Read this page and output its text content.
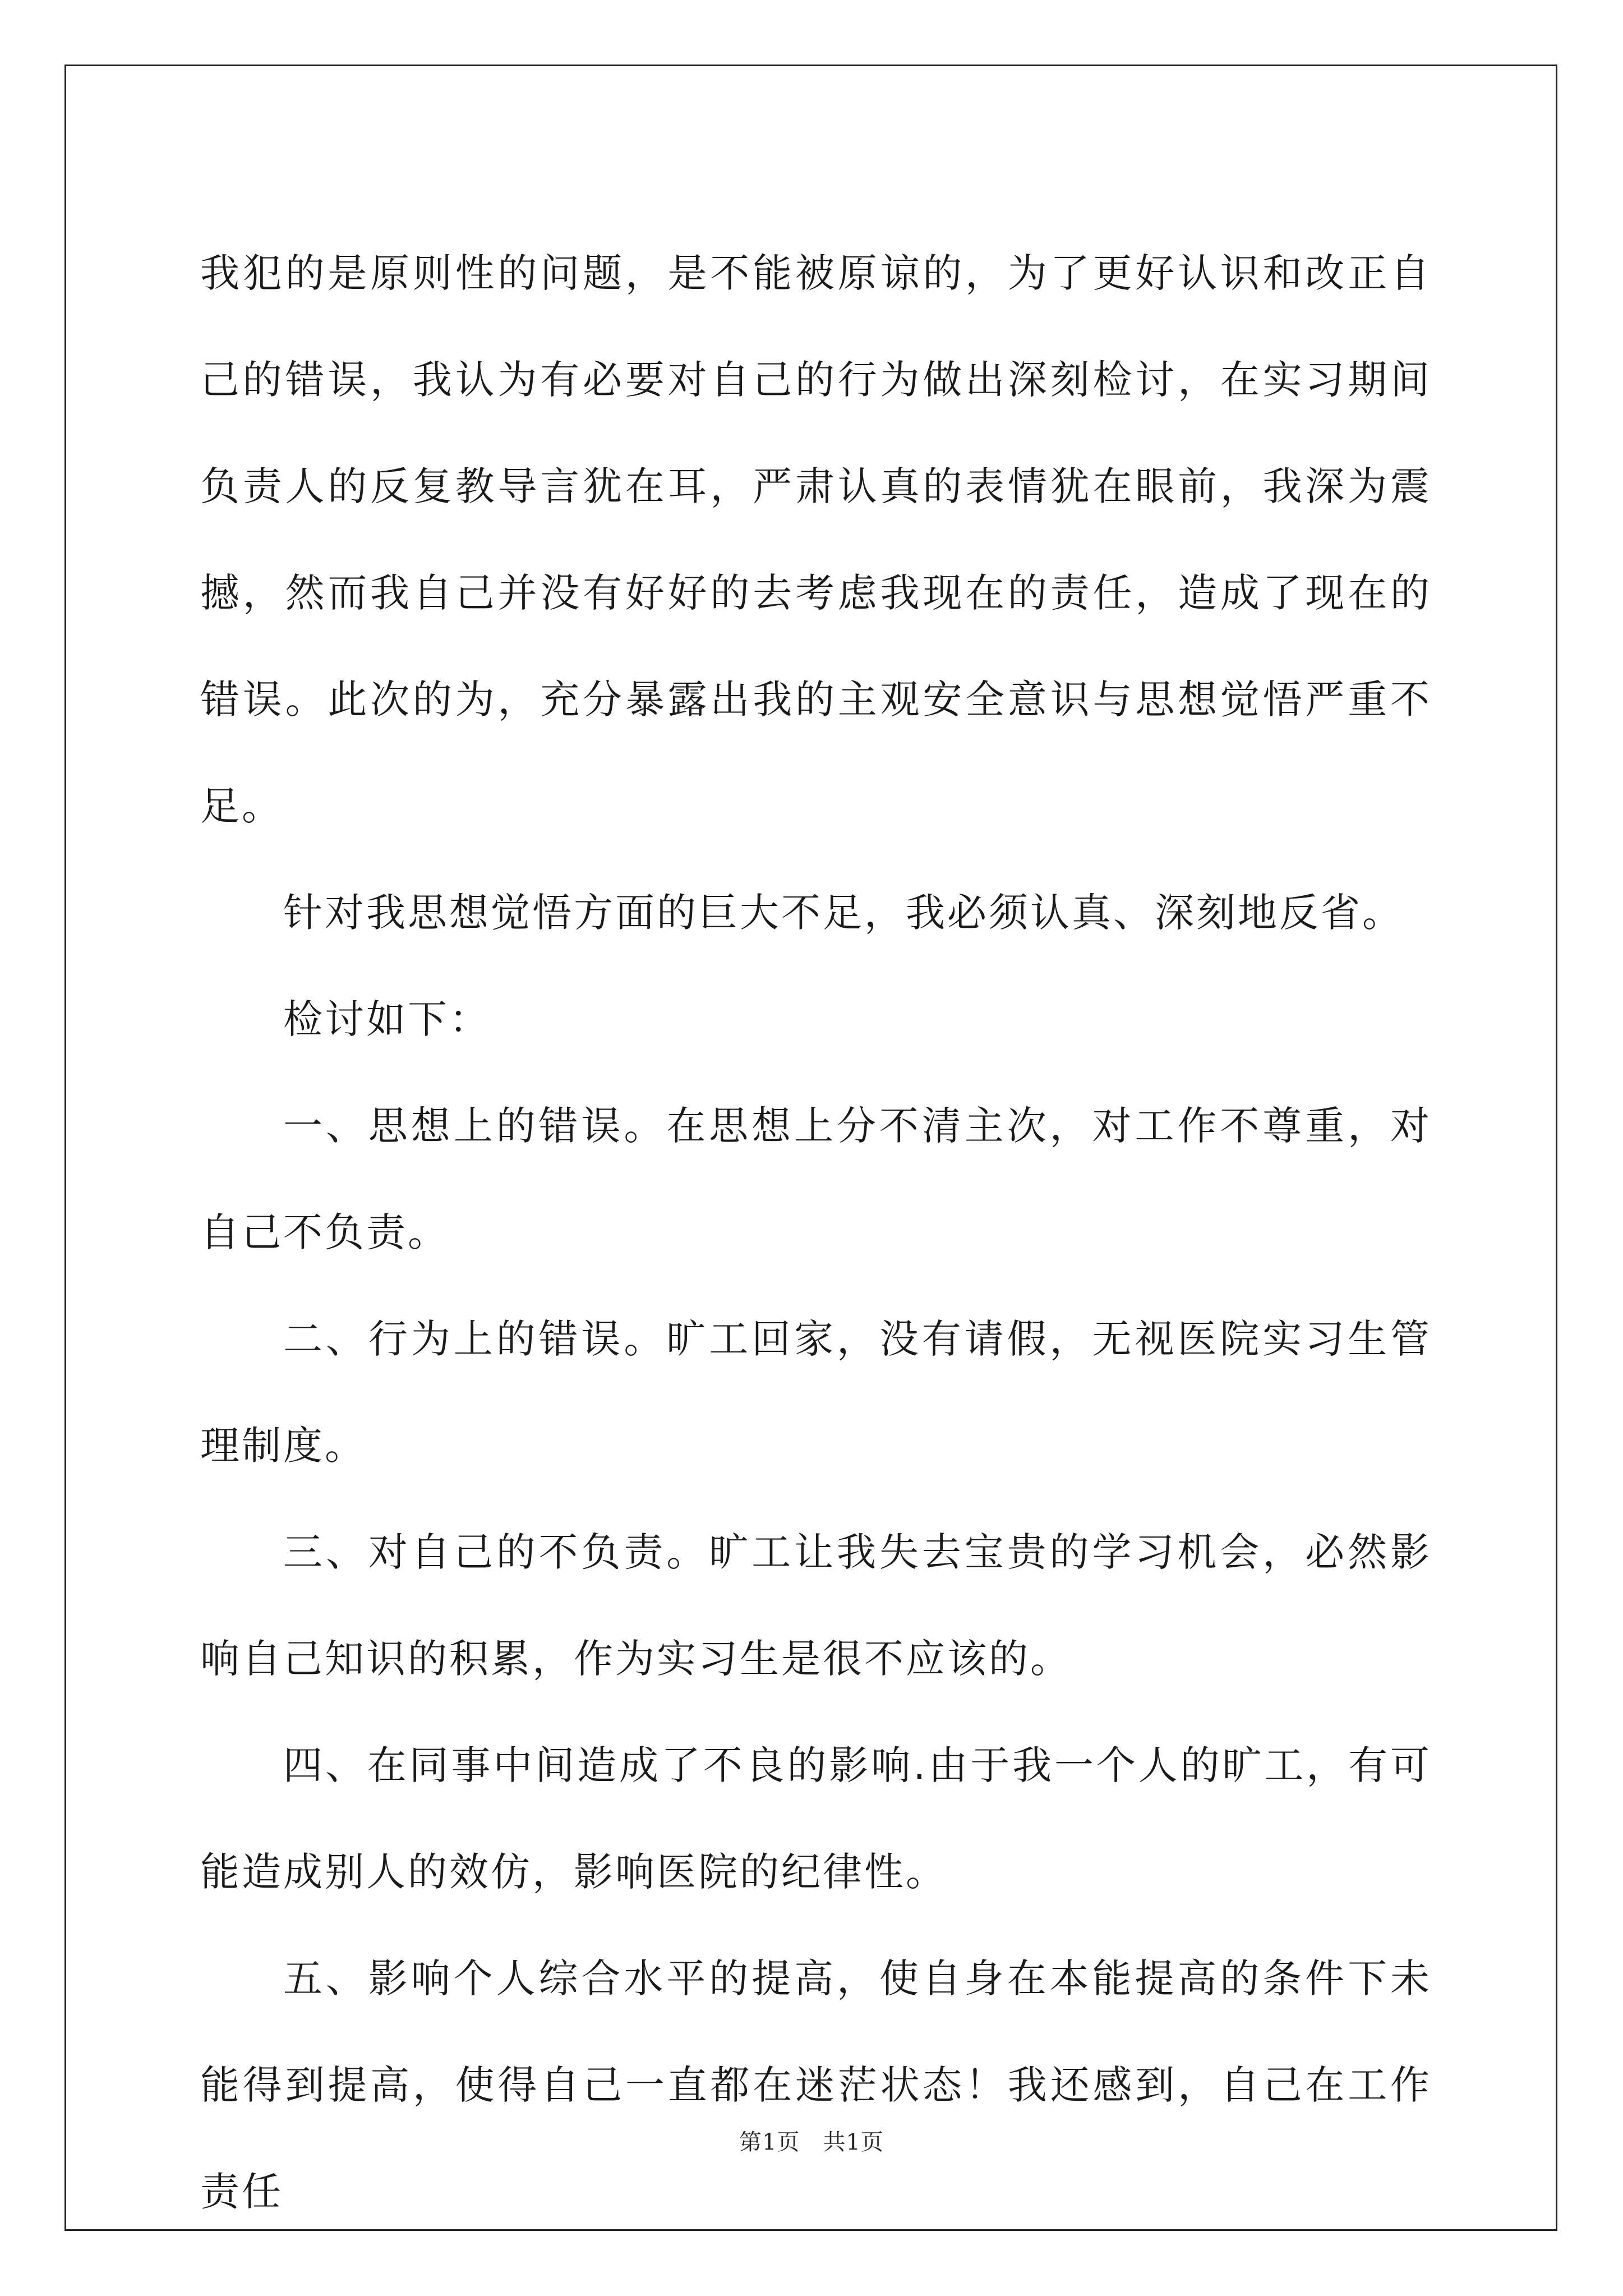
我犯的是原则性的问题，是不能被原谅的，为了更好认识和改正自己的错误，我认为有必要对自己的行为做出深刻检讨，在实习期间负责人的反复教导言犹在耳，严肃认真的表情犹在眼前，我深为震撼，然而我自己并没有好好的去考虑我现在的责任，造成了现在的错误。此次的为，充分暴露出我的主观安全意识与思想觉悟严重不足。

针对我思想觉悟方面的巨大不足，我必须认真、深刻地反省。

检讨如下：

一、思想上的错误。在思想上分不清主次，对工作不尊重，对自己不负责。

二、行为上的错误。旷工回家，没有请假，无视医院实习生管理制度。

三、对自己的不负责。旷工让我失去宝贵的学习机会，必然影响自己知识的积累，作为实习生是很不应该的。

四、在同事中间造成了不良的影响.由于我一个人的旷工，有可能造成别人的效仿，影响医院的纪律性。

五、影响个人综合水平的提高，使自身在本能提高的条件下未能得到提高，使得自己一直都在迷茫状态！我还感到，自己在工作责任

第1页　共1页
